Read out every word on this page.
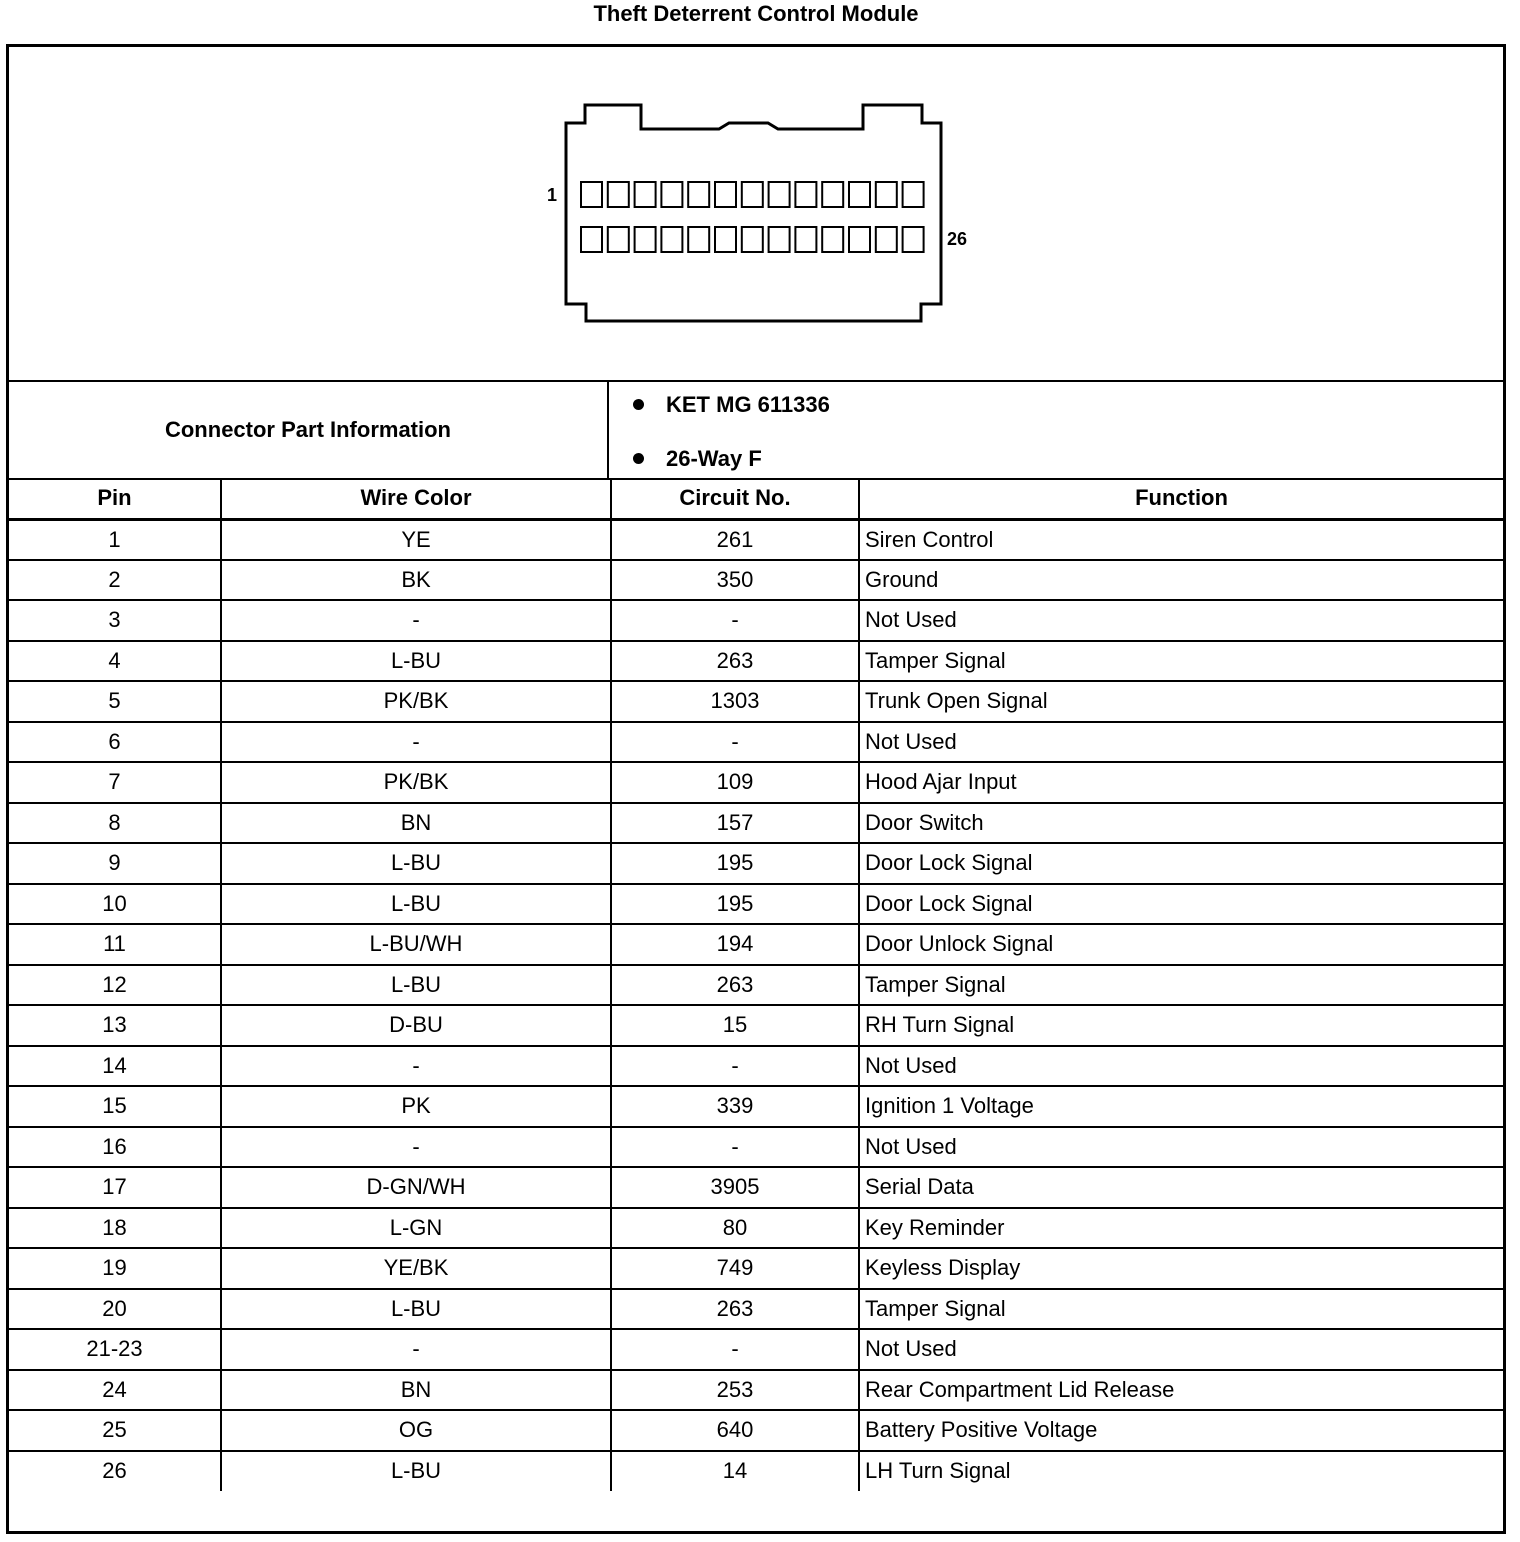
Theft Deterrent Control Module
1
26
Connector Part Information
KET MG 611336
26-Way F
Pin	Wire Color	Circuit No.	Function
1	YE	261	Siren Control
2	BK	350	Ground
3	-	-	Not Used
4	L-BU	263	Tamper Signal
5	PK/BK	1303	Trunk Open Signal
6	-	-	Not Used
7	PK/BK	109	Hood Ajar Input
8	BN	157	Door Switch
9	L-BU	195	Door Lock Signal
10	L-BU	195	Door Lock Signal
11	L-BU/WH	194	Door Unlock Signal
12	L-BU	263	Tamper Signal
13	D-BU	15	RH Turn Signal
14	-	-	Not Used
15	PK	339	Ignition 1 Voltage
16	-	-	Not Used
17	D-GN/WH	3905	Serial Data
18	L-GN	80	Key Reminder
19	YE/BK	749	Keyless Display
20	L-BU	263	Tamper Signal
21-23	-	-	Not Used
24	BN	253	Rear Compartment Lid Release
25	OG	640	Battery Positive Voltage
26	L-BU	14	LH Turn Signal
